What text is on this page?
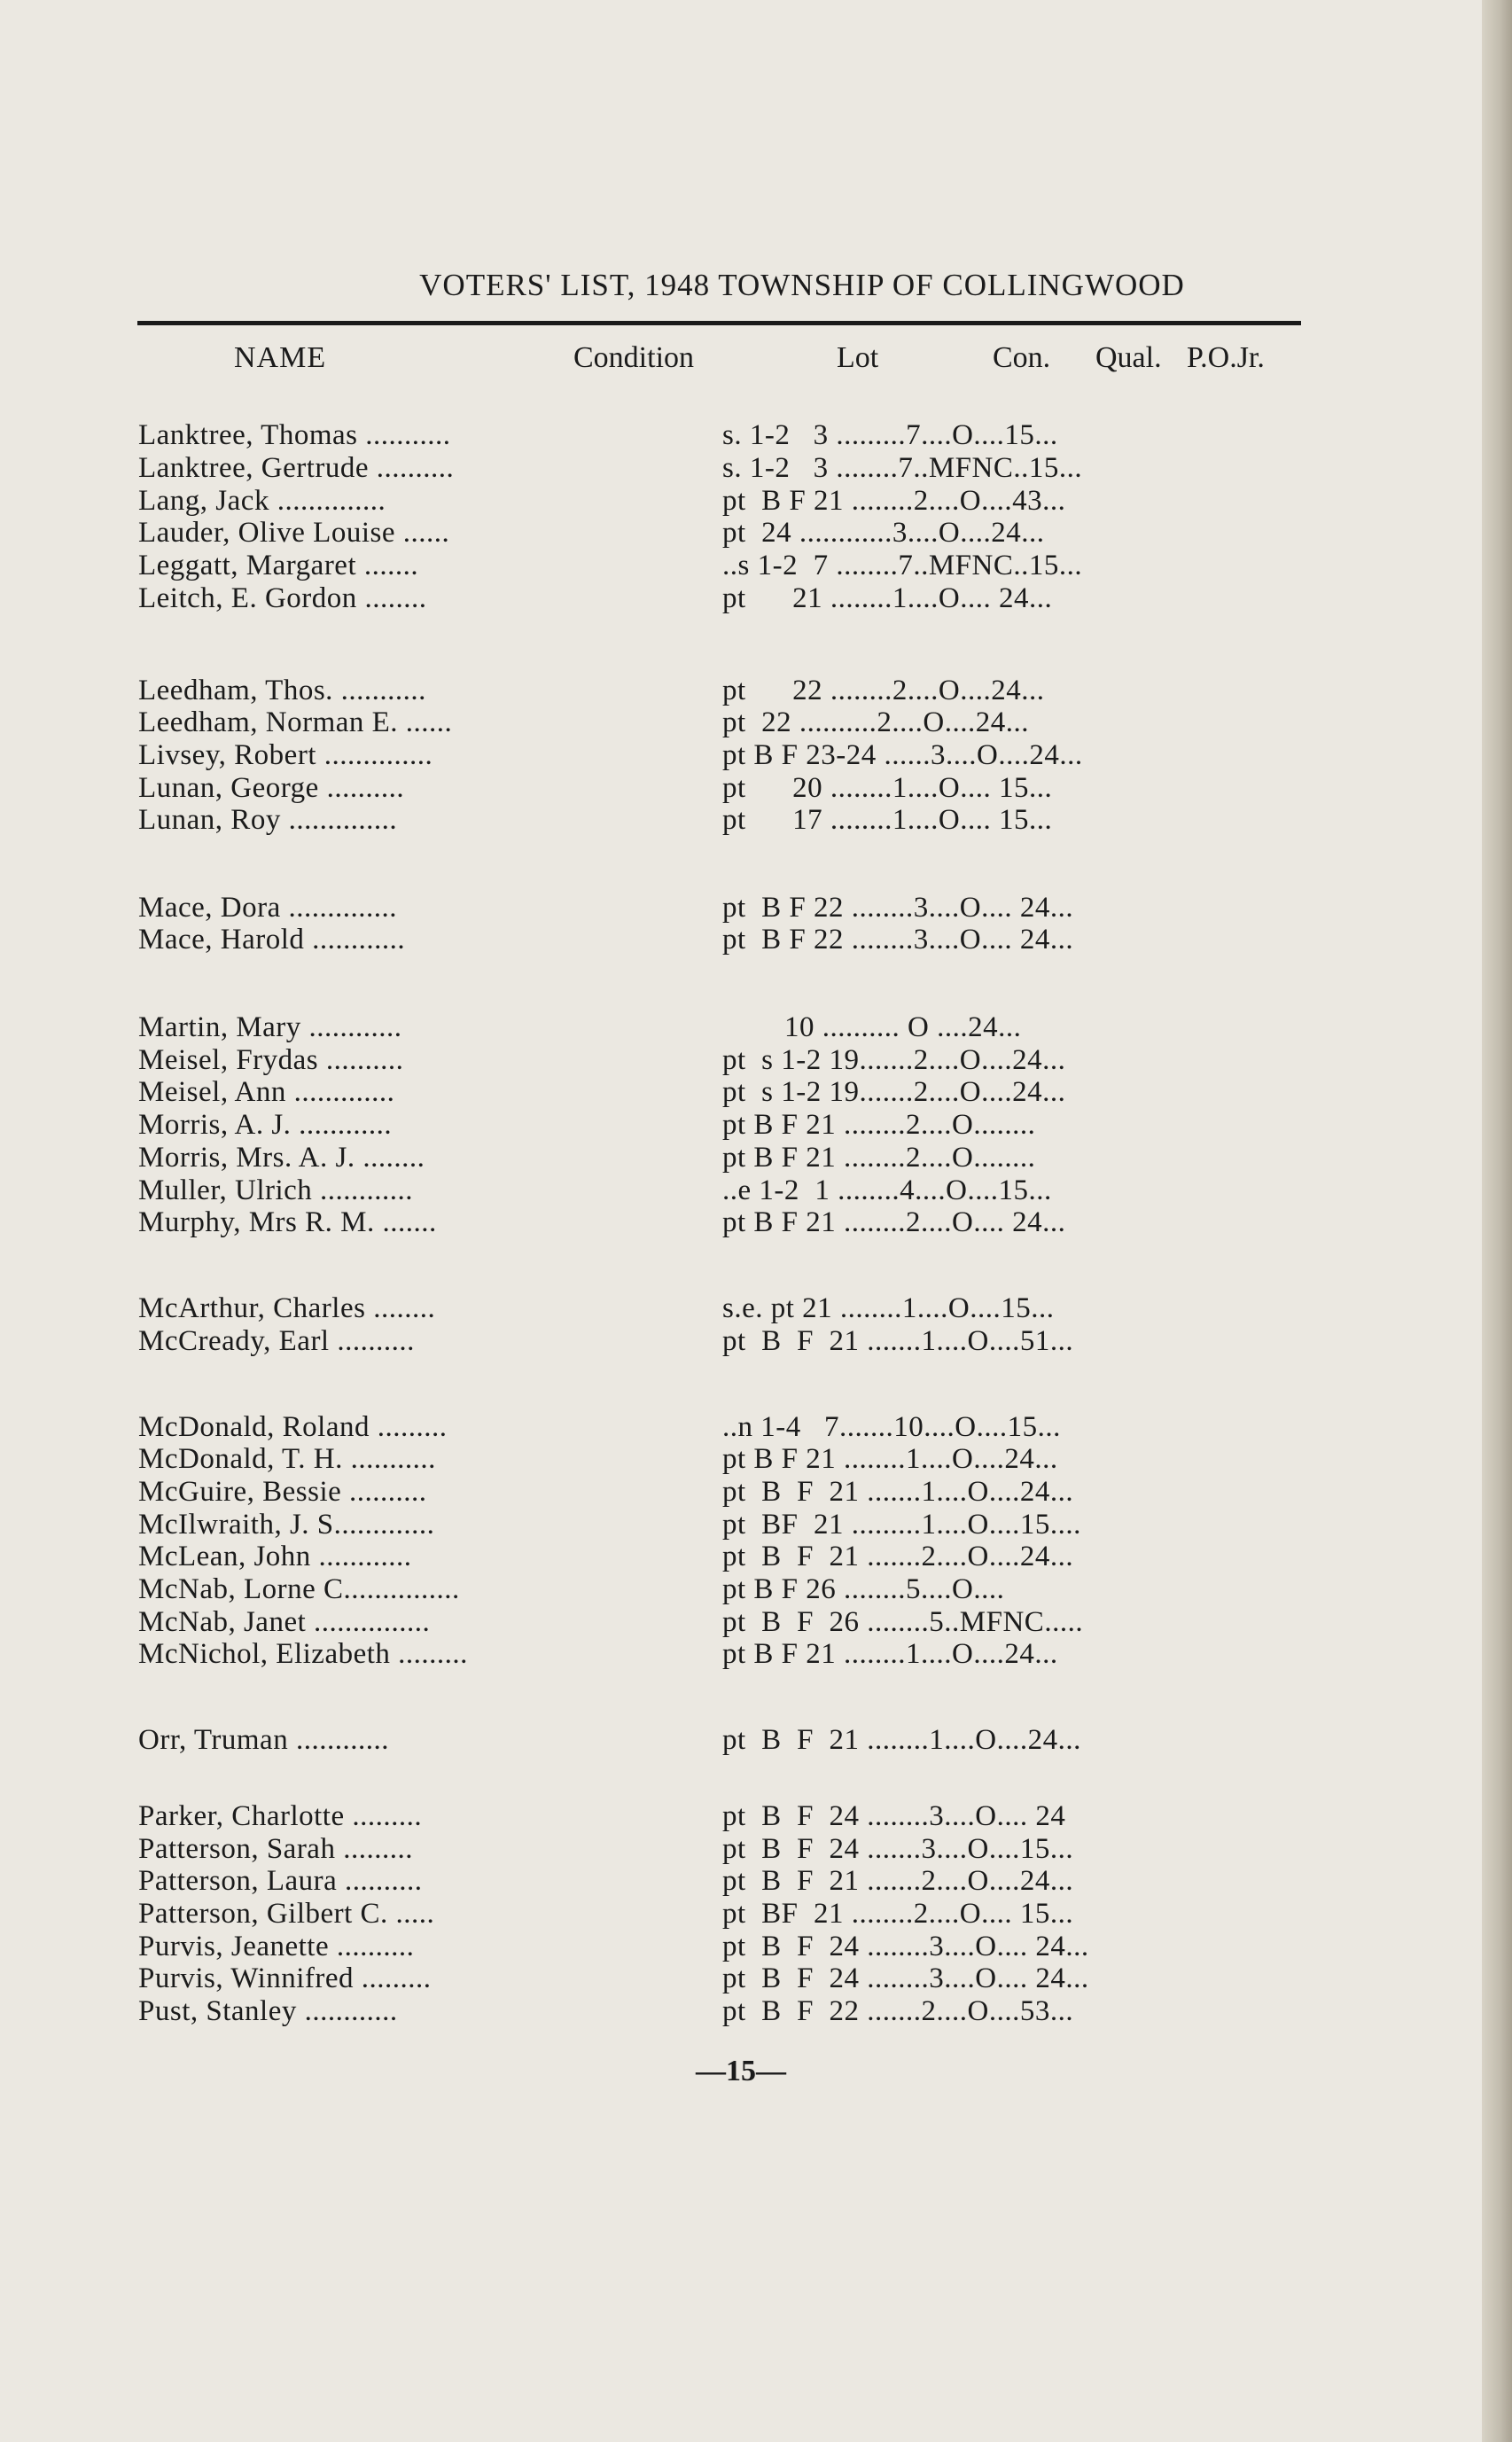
VOTERS' LIST, 1948 TOWNSHIP OF COLLINGWOOD
NAME	Condition	Lot	Con. Qual. P.O.Jr.
Lanktree, Thomas ...........	s. 1-2   3 .........7....O....15...
Lanktree, Gertrude ..........	s. 1-2   3 ........7..MFNC..15...
Lang, Jack ..............	pt  B F 21 ........2....O....43...
Lauder, Olive Louise ......	pt  24 ............3....O....24...
Leggatt, Margaret .......	..s 1-2  7 ........7..MFNC..15...
Leitch, E. Gordon ........	pt      21 ........1....O.... 24...
Leedham, Thos. ...........	pt      22 ........2....O....24...
Leedham, Norman E. ......	pt  22 ..........2....O....24...
Livsey, Robert ..............	pt B F 23-24 ......3....O....24...
Lunan, George ..........	pt      20 ........1....O.... 15...
Lunan, Roy ..............	pt      17 ........1....O.... 15...
Mace, Dora ..............	pt  B F 22 ........3....O.... 24...
Mace, Harold ............	pt  B F 22 ........3....O.... 24...
Martin, Mary ............	10 .......... O ....24...
Meisel, Frydas ..........	pt  s 1-2 19.......2....O....24...
Meisel, Ann .............	pt  s 1-2 19.......2....O....24...
Morris, A. J. ............	pt B F 21 ........2....O........
Morris, Mrs. A. J. ........	pt B F 21 ........2....O........
Muller, Ulrich ............	..e 1-2  1 ........4....O....15...
Murphy, Mrs R. M. .......	pt B F 21 ........2....O.... 24...
McArthur, Charles ........	s.e. pt 21 ........1....O....15...
McCready, Earl ..........	pt  B  F  21 .......1....O....51...
McDonald, Roland .........	..n 1-4   7.......10....O....15...
McDonald, T. H. ...........	pt B F 21 ........1....O....24...
McGuire, Bessie ..........	pt  B  F  21 .......1....O....24...
McIlwraith, J. S.............	pt  BF  21 .........1....O....15....
McLean, John ............	pt  B  F  21 .......2....O....24...
McNab, Lorne C...............	pt B F 26 ........5....O....
McNab, Janet ...............	pt  B  F  26 ........5..MFNC.....
McNichol, Elizabeth .........	pt B F 21 ........1....O....24...
Orr, Truman ............	pt  B  F  21 ........1....O....24...
Parker, Charlotte .........	pt  B  F  24 ........3....O.... 24
Patterson, Sarah .........	pt  B  F  24 .......3....O....15...
Patterson, Laura ..........	pt  B  F  21 .......2....O....24...
Patterson, Gilbert C. .....	pt  BF  21 ........2....O.... 15...
Purvis, Jeanette ..........	pt  B  F  24 ........3....O.... 24...
Purvis, Winnifred .........	pt  B  F  24 ........3....O.... 24...
Pust, Stanley ............	pt  B  F  22 .......2....O....53...
—15—
